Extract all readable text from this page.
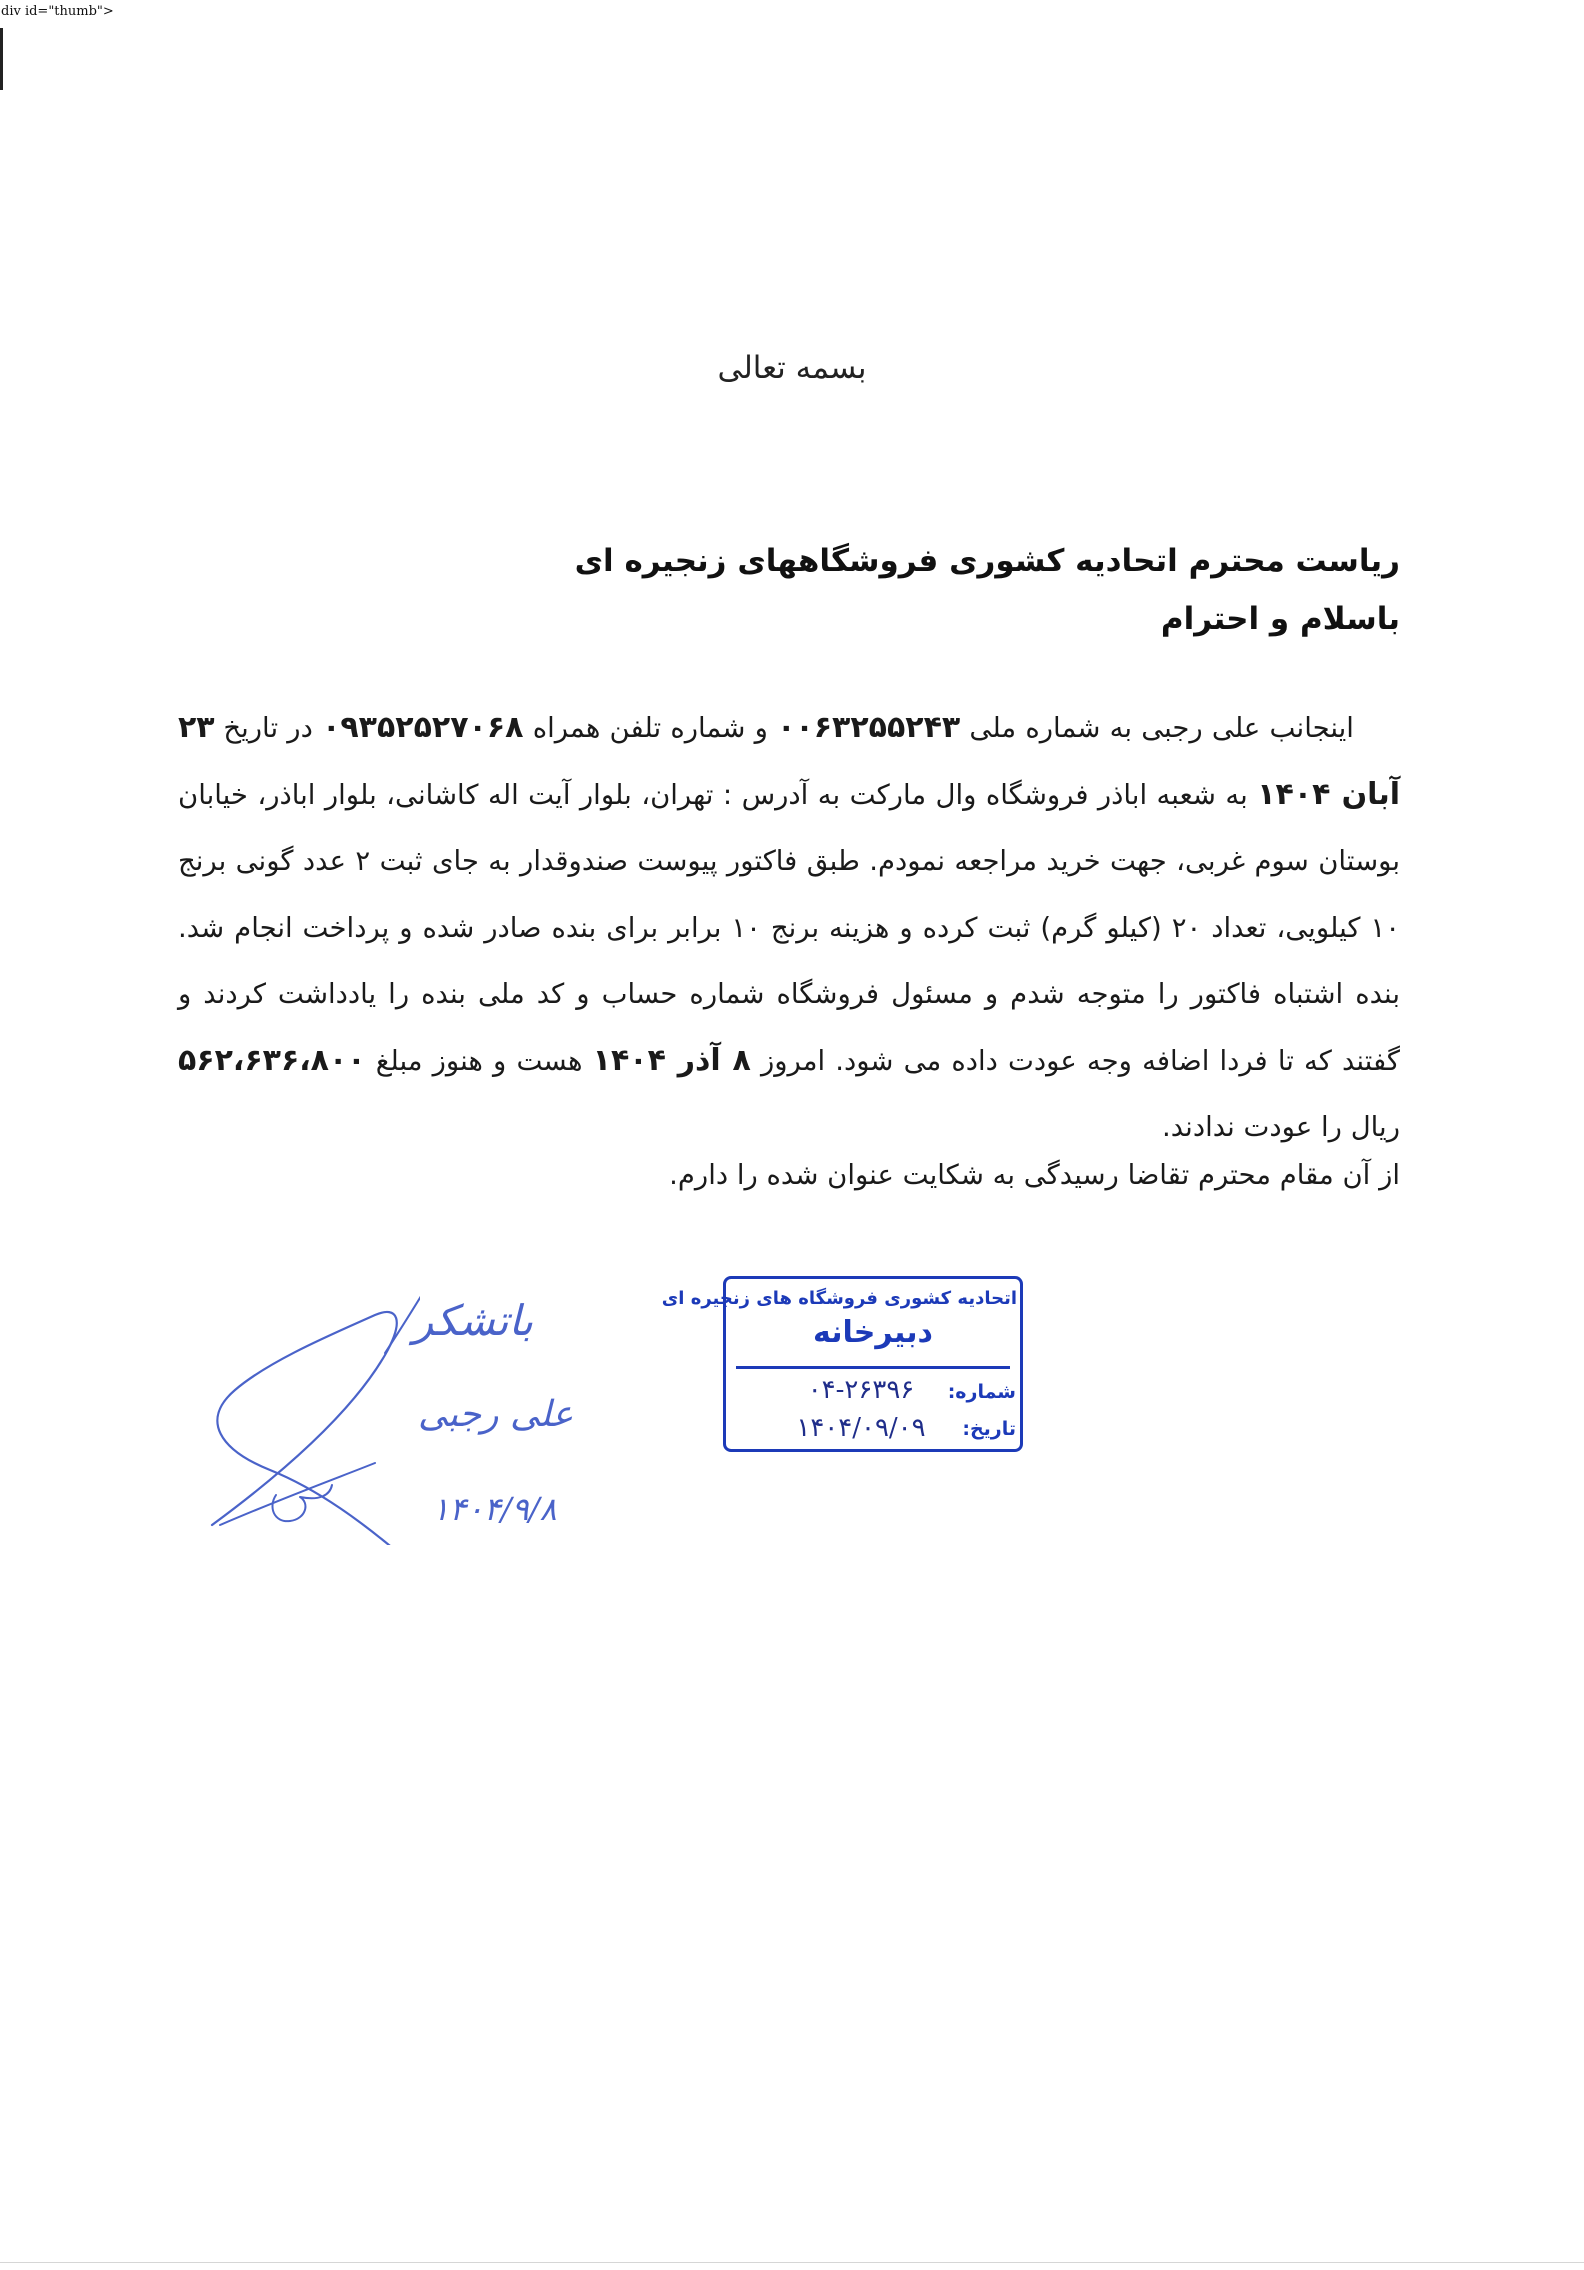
div id="thumb">
بسمه تعالی
ریاست محترم اتحادیه کشوری فروشگاههای زنجیره ای
باسلام و احترام
اینجانب علی رجبی به شماره ملی ۰۰۶۳۲۵۵۲۴۳ و شماره تلفن همراه ۰۹۳۵۲۵۲۷۰۶۸ در تاریخ ۲۳ آبان ۱۴۰۴ به شعبه اباذر فروشگاه وال مارکت به آدرس : تهران، بلوار آیت اله کاشانی، بلوار اباذر، خیابان بوستان سوم غربی، جهت خرید مراجعه نمودم. طبق فاکتور پیوست صندوقدار به جای ثبت ۲ عدد گونی برنج ۱۰ کیلویی، تعداد ۲۰ (کیلو گرم) ثبت کرده و هزینه برنج ۱۰ برابر برای بنده صادر شده و پرداخت انجام شد. بنده اشتباه فاکتور را متوجه شدم و مسئول فروشگاه شماره حساب و کد ملی بنده را یادداشت کردند و گفتند که تا فردا اضافه وجه عودت داده می شود. امروز ۸ آذر ۱۴۰۴ هست و هنوز مبلغ ۵۶۲،۶۳۶،۸۰۰ ریال را عودت ندادند.
از آن مقام محترم تقاضا رسیدگی به شکایت عنوان شده را دارم.
اتحادیه کشوری فروشگاه های زنجیره ای
دبیرخانه
شماره:
۰۴-۲۶۳۹۶
تاریخ:
۱۴۰۴/۰۹/۰۹
باتشکر
علی رجبی
۱۴۰۴/۹/۸
